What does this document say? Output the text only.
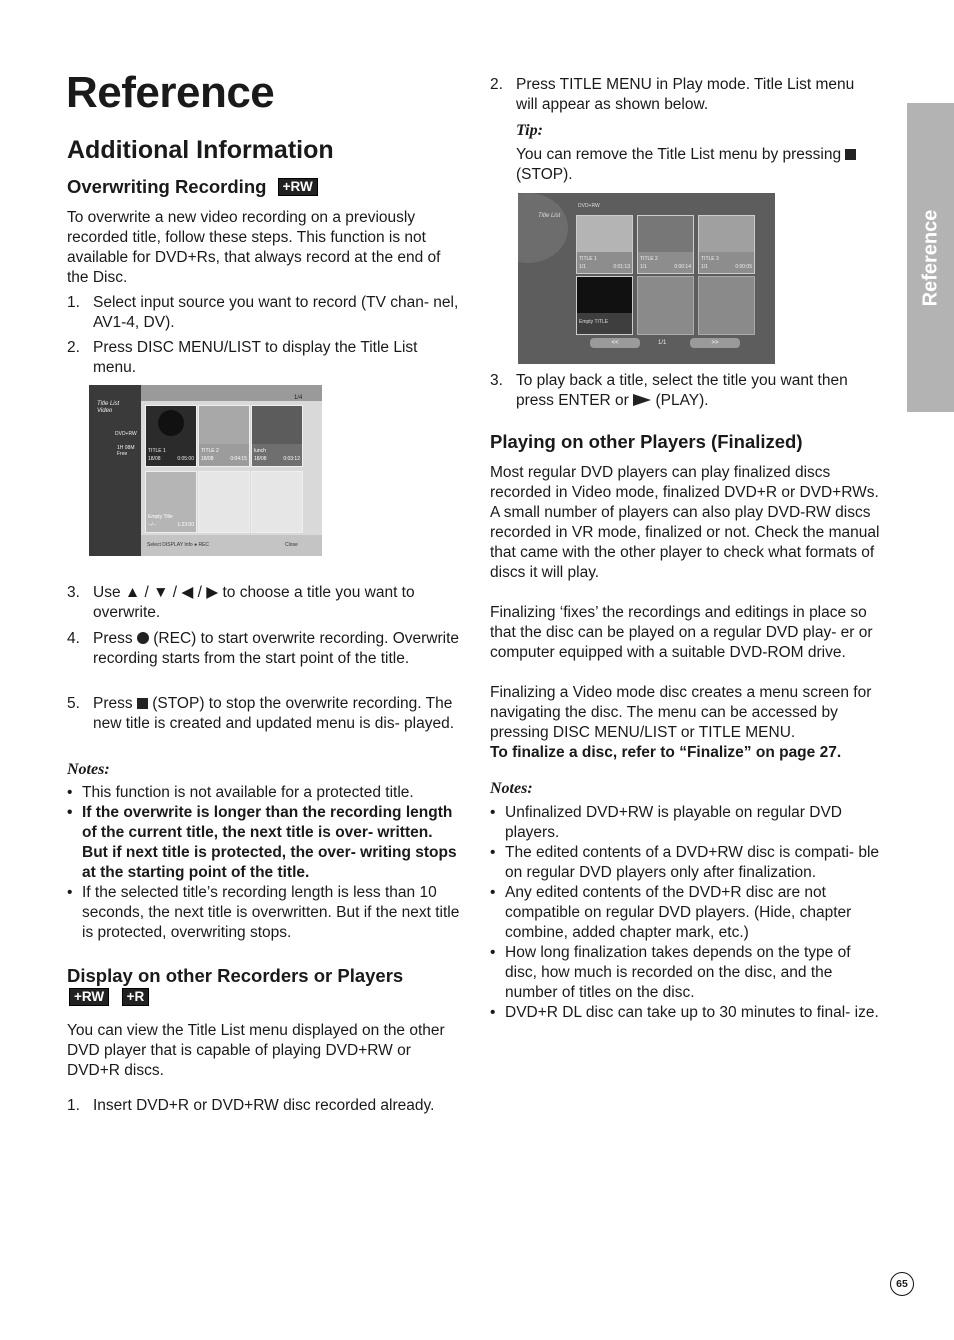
Reference
Additional Information
Overwriting Recording +RW
To overwrite a new video recording on a previously recorded title, follow these steps. This function is not available for DVD+Rs, that always record at the end of the Disc.
1. Select input source you want to record (TV chan- nel, AV1-4, DV).
2. Press DISC MENU/LIST to display the Title List menu.
Title List
Video
DVD+RW
1H 08M
Free
1/4
TITLE 1
18/08	0:05:00
TITLE 2
18/08	0:04:15
lunch
18/08	0:03:12
Empty Title
--/--	1:23:00
Select DISPLAY Info ● REC	Close
3. Use ▲ / ▼ / ◀ / ▶ to choose a title you want to overwrite.
4. Press  (REC) to start overwrite recording. Overwrite recording starts from the start point of the title.
5. Press  (STOP) to stop the overwrite recording. The new title is created and updated menu is dis- played.
Notes:
• This function is not available for a protected title.
• If the overwrite is longer than the recording length of the current title, the next title is over- written. But if next title is protected, the over- writing stops at the starting point of the title.
• If the selected title’s recording length is less than 10 seconds, the next title is overwritten. But if the next title is protected, overwriting stops.
Display on other Recorders or Players
+RW +R
You can view the Title List menu displayed on the other DVD player that is capable of playing DVD+RW or DVD+R discs.
1. Insert DVD+R or DVD+RW disc recorded already.
2. Press TITLE MENU in Play mode. Title List menu will appear as shown below.
Tip:
You can remove the Title List menu by pressing  (STOP).
Title List
DVD+RW
TITLE 1
1/1	0:01:13
TITLE 2
1/1	0:00:14
TITLE 3
1/1	0:00:05
Empty TITLE
<<	1/1	>>
3. To play back a title, select the title you want then press ENTER or  (PLAY).
Playing on other Players (Finalized)
Most regular DVD players can play finalized discs recorded in Video mode, finalized DVD+R or DVD+RWs. A small number of players can also play DVD-RW discs recorded in VR mode, finalized or not. Check the manual that came with the other player to check what formats of discs it will play.
Finalizing ‘fixes’ the recordings and editings in place so that the disc can be played on a regular DVD play- er or computer equipped with a suitable DVD-ROM drive.
Finalizing a Video mode disc creates a menu screen for navigating the disc. The menu can be accessed by pressing DISC MENU/LIST or TITLE MENU.
To finalize a disc, refer to “Finalize” on page 27.
Notes:
• Unfinalized DVD+RW is playable on regular DVD players.
• The edited contents of a DVD+RW disc is compati- ble on regular DVD players only after finalization.
• Any edited contents of the DVD+R disc are not compatible on regular DVD players. (Hide, chapter combine, added chapter mark, etc.)
• How long finalization takes depends on the type of disc, how much is recorded on the disc, and the number of titles on the disc.
• DVD+R DL disc can take up to 30 minutes to final- ize.
Reference
65
